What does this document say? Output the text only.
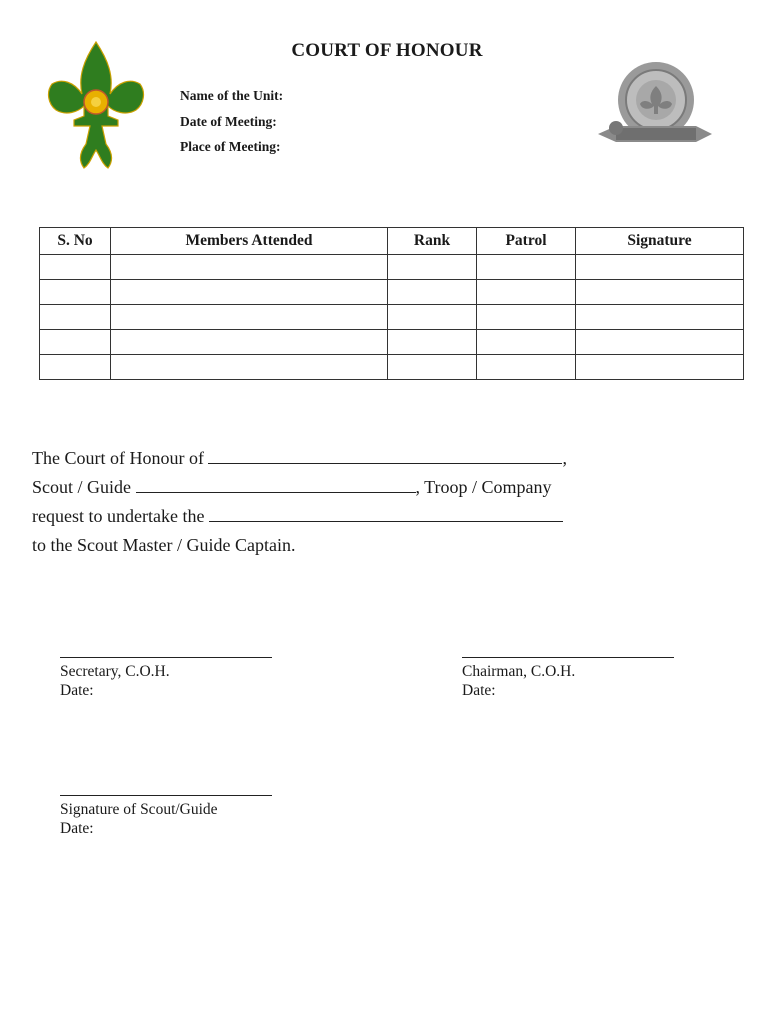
COURT OF HONOUR
Name of the Unit:
Date of Meeting:
Place of Meeting:
S. No	Members Attended	Rank	Patrol	Signature

The Court of Honour of	,
Scout / Guide	, Troop / Company
request to undertake the
to the Scout Master / Guide Captain.
Secretary, C.O.H.
Date:
Chairman, C.O.H.
Date:
Signature of Scout/Guide
Date:
